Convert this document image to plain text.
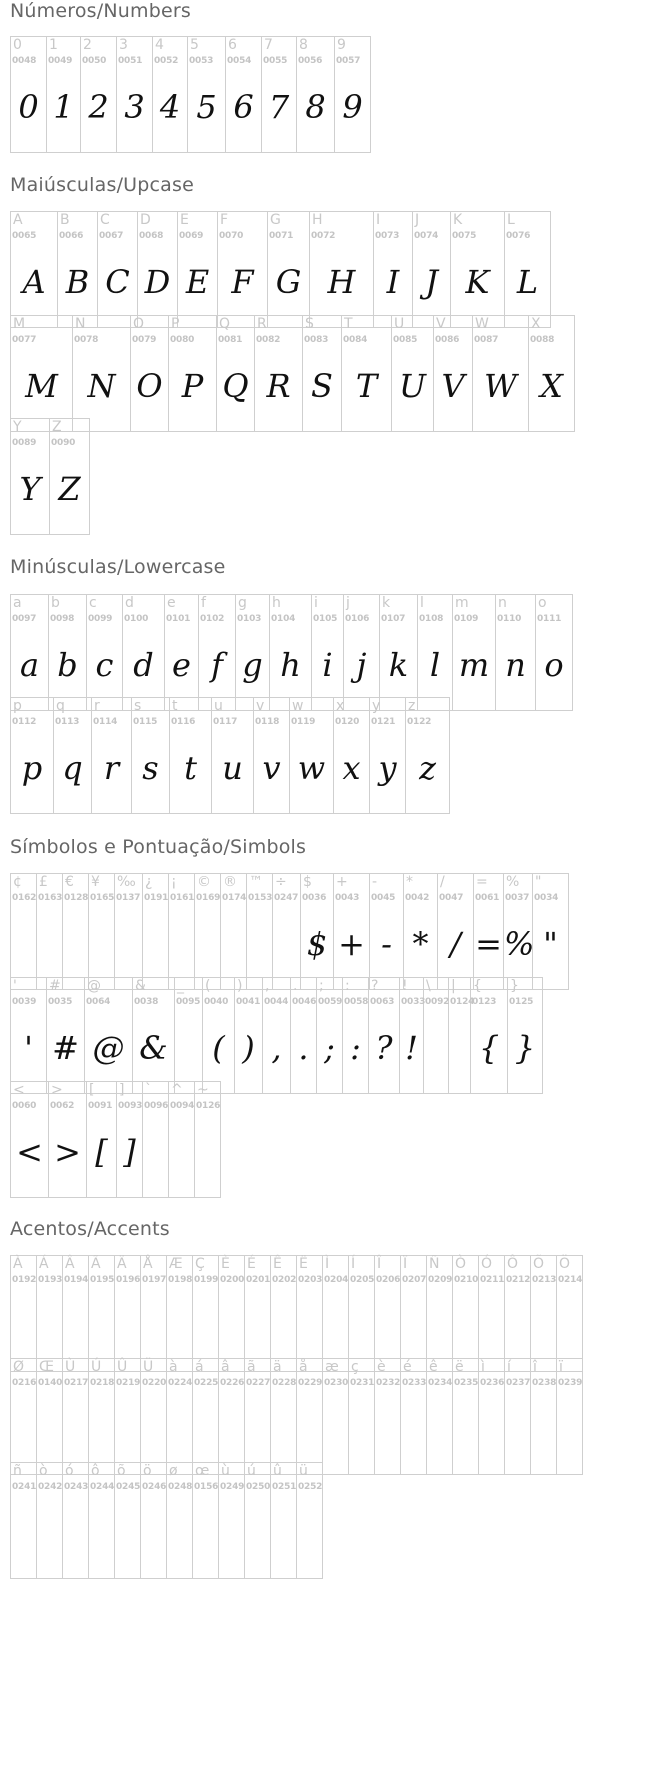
Números/Numbers
0
0048
0
1
0049
1
2
0050
2
3
0051
3
4
0052
4
5
0053
5
6
0054
6
7
0055
7
8
0056
8
9
0057
9
Maiúsculas/Upcase
A
0065
A
B
0066
B
C
0067
C
D
0068
D
E
0069
E
F
0070
F
G
0071
G
H
0072
H
I
0073
I
J
0074
J
K
0075
K
L
0076
L
M
0077
M
N
0078
N
O
0079
O
P
0080
P
Q
0081
Q
R
0082
R
S
0083
S
T
0084
T
U
0085
U
V
0086
V
W
0087
W
X
0088
X
Y
0089
Y
Z
0090
Z
Minúsculas/Lowercase
a
0097
a
b
0098
b
c
0099
c
d
0100
d
e
0101
e
f
0102
f
g
0103
g
h
0104
h
i
0105
i
j
0106
j
k
0107
k
l
0108
l
m
0109
m
n
0110
n
o
0111
o
p
0112
p
q
0113
q
r
0114
r
s
0115
s
t
0116
t
u
0117
u
v
0118
v
w
0119
w
x
0120
x
y
0121
y
z
0122
z
Símbolos e Pontuação/Simbols
¢
0162
£
0163
€
0128
¥
0165
‰
0137
¿
0191
¡
0161
©
0169
®
0174
™
0153
÷
0247
$
0036
$
+
0043
+
-
0045
-
*
0042
*
/
0047
/
=
0061
=
%
0037
%
"
0034
"
'
0039
'
#
0035
#
@
0064
@
&
0038
&
_
0095
(
0040
(
)
0041
)
,
0044
,
.
0046
.
;
0059
;
:
0058
:
?
0063
?
!
0033
!
\
0092
|
0124
{
0123
{
}
0125
}
<
0060
<
>
0062
>
[
0091
[
]
0093
]
`
0096
^
0094
~
0126
Acentos/Accents
À
0192
Á
0193
Â
0194
Ã
0195
Ä
0196
Å
0197
Æ
0198
Ç
0199
È
0200
É
0201
Ê
0202
Ë
0203
Ì
0204
Í
0205
Î
0206
Ï
0207
Ñ
0209
Ò
0210
Ó
0211
Ô
0212
Õ
0213
Ö
0214
Ø
0216
Œ
0140
Ù
0217
Ú
0218
Û
0219
Ü
0220
à
0224
á
0225
â
0226
ã
0227
ä
0228
å
0229
æ
0230
ç
0231
è
0232
é
0233
ê
0234
ë
0235
ì
0236
í
0237
î
0238
ï
0239
ñ
0241
ò
0242
ó
0243
ô
0244
õ
0245
ö
0246
ø
0248
œ
0156
ù
0249
ú
0250
û
0251
ü
0252
